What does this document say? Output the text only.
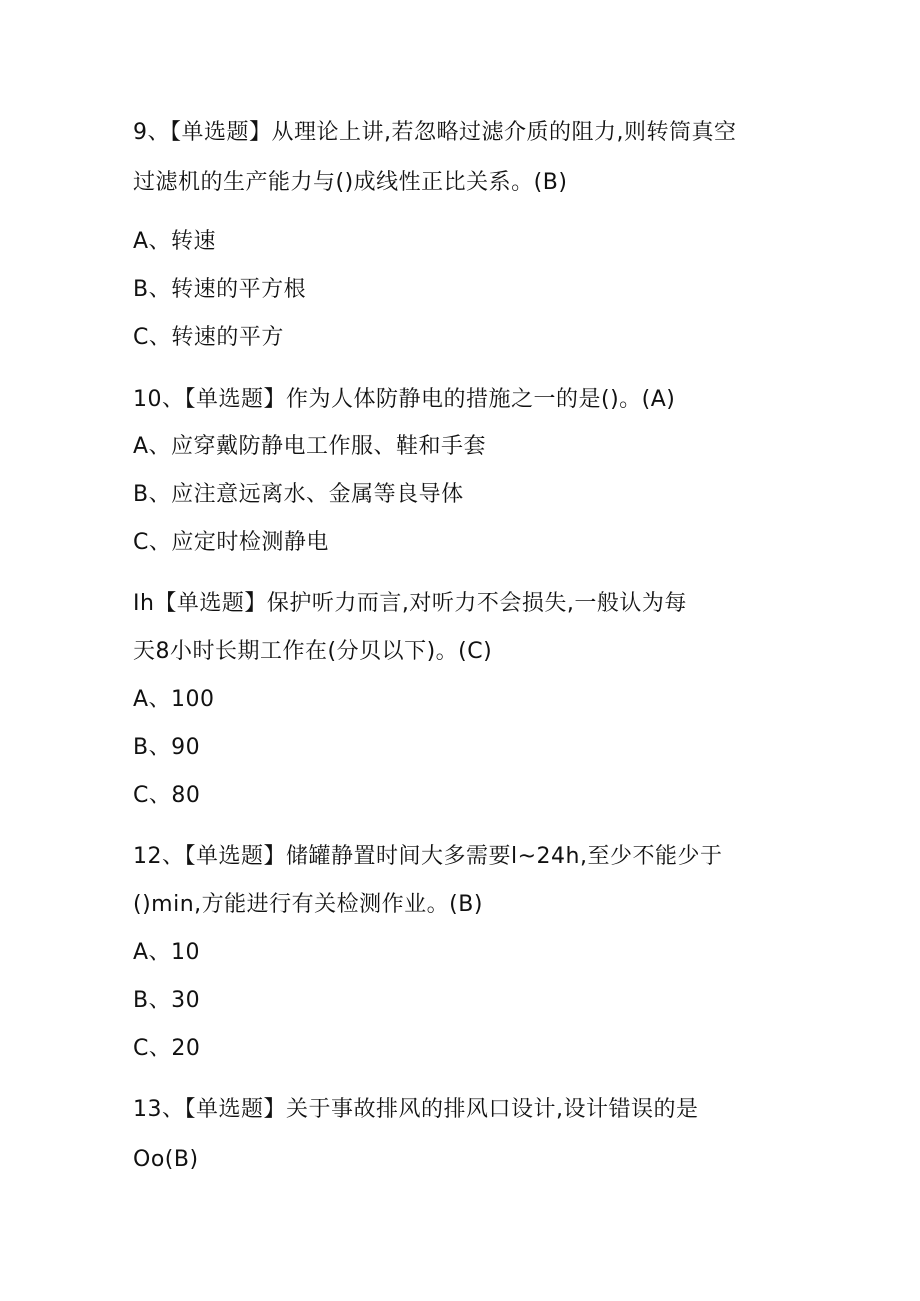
9、【单选题】从理论上讲,若忽略过滤介质的阻力,则转筒真空
过滤机的生产能力与()成线性正比关系。(B)
A、转速
B、转速的平方根
C、转速的平方
10、【单选题】作为人体防静电的措施之一的是()。(A)
A、应穿戴防静电工作服、鞋和手套
B、应注意远离水、金属等良导体
C、应定时检测静电
Ih【单选题】保护听力而言,对听力不会损失,一般认为每
天8小时长期工作在(分贝以下)。(C)
A、100
B、90
C、80
12、【单选题】储罐静置时间大多需要l~24h,至少不能少于
()min,方能进行有关检测作业。(B)
A、10
B、30
C、20
13、【单选题】关于事故排风的排风口设计,设计错误的是
Oo(B)
